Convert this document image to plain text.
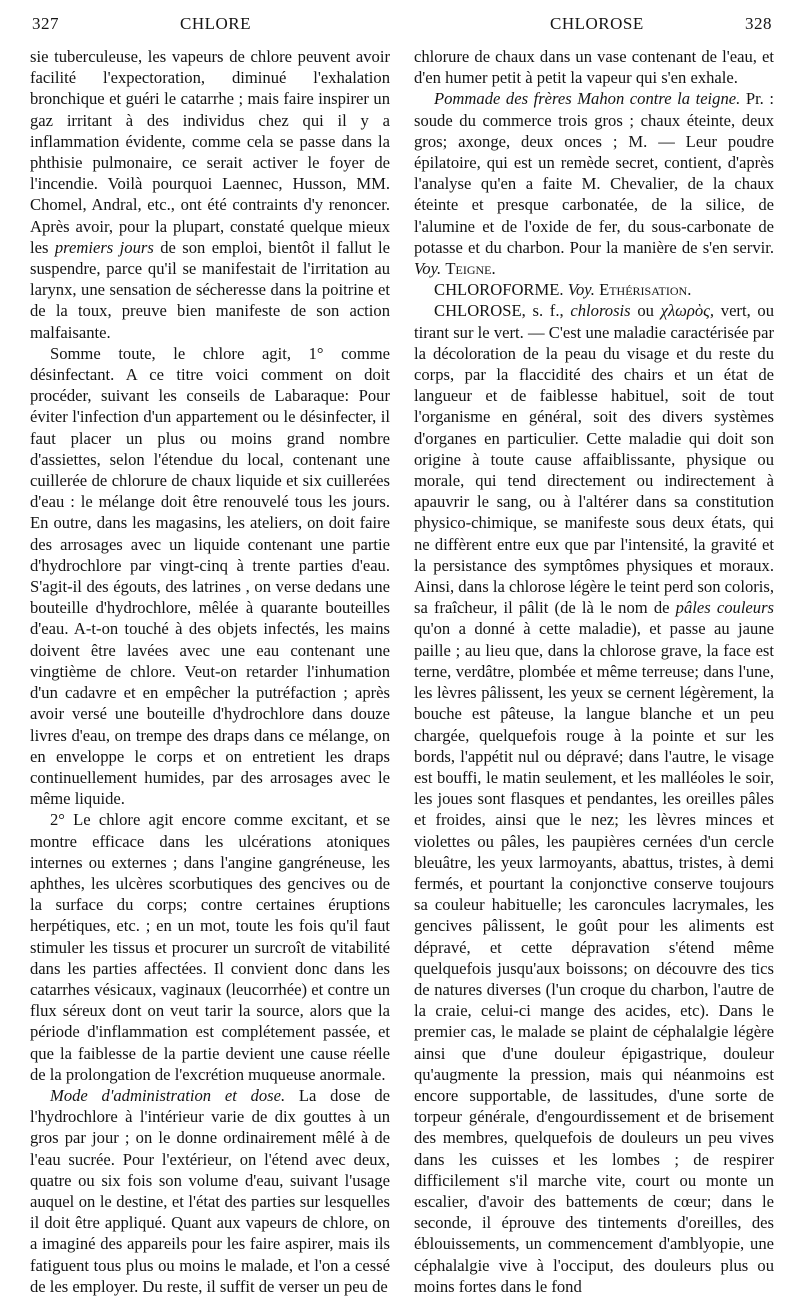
327	CHLORE	CHLOROSE	328

sie tuberculeuse, les vapeurs de chlore peuvent avoir facilité l'expectoration, diminué l'exhalation bronchique et guéri le catarrhe ; mais faire inspirer un gaz irritant à des individus chez qui il y a inflammation évidente, comme cela se passe dans la phthisie pulmonaire, ce serait activer le foyer de l'incendie. Voilà pourquoi Laennec, Husson, MM. Chomel, Andral, etc., ont été contraints d'y renoncer. Après avoir, pour la plupart, constaté quelque mieux les premiers jours de son emploi, bientôt il fallut le suspendre, parce qu'il se manifestait de l'irritation au larynx, une sensation de sécheresse dans la poitrine et de la toux, preuve bien manifeste de son action malfaisante.

Somme toute, le chlore agit, 1° comme désinfectant. A ce titre voici comment on doit procéder, suivant les conseils de Labaraque: Pour éviter l'infection d'un appartement ou le désinfecter, il faut placer un plus ou moins grand nombre d'assiettes, selon l'étendue du local, contenant une cuillerée de chlorure de chaux liquide et six cuillerées d'eau : le mélange doit être renouvelé tous les jours. En outre, dans les magasins, les ateliers, on doit faire des arrosages avec un liquide contenant une partie d'hydrochlore par vingt-cinq à trente parties d'eau. S'agit-il des égouts, des latrines , on verse dedans une bouteille d'hydrochlore, mêlée à quarante bouteilles d'eau. A-t-on touché à des objets infectés, les mains doivent être lavées avec une eau contenant une vingtième de chlore. Veut-on retarder l'inhumation d'un cadavre et en empêcher la putréfaction ; après avoir versé une bouteille d'hydrochlore dans douze livres d'eau, on trempe des draps dans ce mélange, on en enveloppe le corps et on entretient les draps continuellement humides, par des arrosages avec le même liquide.

2° Le chlore agit encore comme excitant, et se montre efficace dans les ulcérations atoniques internes ou externes ; dans l'angine gangréneuse, les aphthes, les ulcères scorbutiques des gencives ou de la surface du corps; contre certaines éruptions herpétiques, etc. ; en un mot, toute les fois qu'il faut stimuler les tissus et procurer un surcroît de vitabilité dans les parties affectées. Il convient donc dans les catarrhes vésicaux, vaginaux (leucorrhée) et contre un flux séreux dont on veut tarir la source, alors que la période d'inflammation est complétement passée, et que la faiblesse de la partie devient une cause réelle de la prolongation de l'excrétion muqueuse anormale.

Mode d'administration et dose. La dose de l'hydrochlore à l'intérieur varie de dix gouttes à un gros par jour ; on le donne ordinairement mêlé à de l'eau sucrée. Pour l'extérieur, on l'étend avec deux, quatre ou six fois son volume d'eau, suivant l'usage auquel on le destine, et l'état des parties sur lesquelles il doit être appliqué. Quant aux vapeurs de chlore, on a imaginé des appareils pour les faire aspirer, mais ils fatiguent tous plus ou moins le malade, et l'on a cessé de les employer. Du reste, il suffit de verser un peu de

chlorure de chaux dans un vase contenant de l'eau, et d'en humer petit à petit la vapeur qui s'en exhale.

Pommade des frères Mahon contre la teigne. Pr. : soude du commerce trois gros ; chaux éteinte, deux gros; axonge, deux onces ; M. — Leur poudre épilatoire, qui est un remède secret, contient, d'après l'analyse qu'en a faite M. Chevalier, de la chaux éteinte et presque carbonatée, de la silice, de l'alumine et de l'oxide de fer, du sous-carbonate de potasse et du charbon. Pour la manière de s'en servir. Voy. Teigne.

CHLOROFORME. Voy. Ethérisation.

CHLOROSE, s. f., chlorosis ou χλωρὸς, vert, ou tirant sur le vert. — C'est une maladie caractérisée par la décoloration de la peau du visage et du reste du corps, par la flaccidité des chairs et un état de langueur et de faiblesse habituel, soit de tout l'organisme en général, soit des divers systèmes d'organes en particulier. Cette maladie qui doit son origine à toute cause affaiblissante, physique ou morale, qui tend directement ou indirectement à apauvrir le sang, ou à l'altérer dans sa constitution physico-chimique, se manifeste sous deux états, qui ne diffèrent entre eux que par l'intensité, la gravité et la persistance des symptômes physiques et moraux. Ainsi, dans la chlorose légère le teint perd son coloris, sa fraîcheur, il pâlit (de là le nom de pâles couleurs qu'on a donné à cette maladie), et passe au jaune paille ; au lieu que, dans la chlorose grave, la face est terne, verdâtre, plombée et même terreuse; dans l'une, les lèvres pâlissent, les yeux se cernent légèrement, la bouche est pâteuse, la langue blanche et un peu chargée, quelquefois rouge à la pointe et sur les bords, l'appétit nul ou dépravé; dans l'autre, le visage est bouffi, le matin seulement, et les malléoles le soir, les joues sont flasques et pendantes, les oreilles pâles et froides, ainsi que le nez; les lèvres minces et violettes ou pâles, les paupières cernées d'un cercle bleuâtre, les yeux larmoyants, abattus, tristes, à demi fermés, et pourtant la conjonctive conserve toujours sa couleur habituelle; les caroncules lacrymales, les gencives pâlissent, le goût pour les aliments est dépravé, et cette dépravation s'étend même quelquefois jusqu'aux boissons; on découvre des tics de natures diverses (l'un croque du charbon, l'autre de la craie, celui-ci mange des acides, etc). Dans le premier cas, le malade se plaint de céphalalgie légère ainsi que d'une douleur épigastrique, douleur qu'augmente la pression, mais qui néanmoins est encore supportable, de lassitudes, d'une sorte de torpeur générale, d'engourdissement et de brisement des membres, quelquefois de douleurs un peu vives dans les cuisses et les lombes ; de respirer difficilement s'il marche vite, court ou monte un escalier, d'avoir des battements de cœur; dans le seconde, il éprouve des tintements d'oreilles, des éblouissements, un commencement d'amblyopie, une céphalalgie vive à l'occiput, des douleurs plus ou moins fortes dans le fond
